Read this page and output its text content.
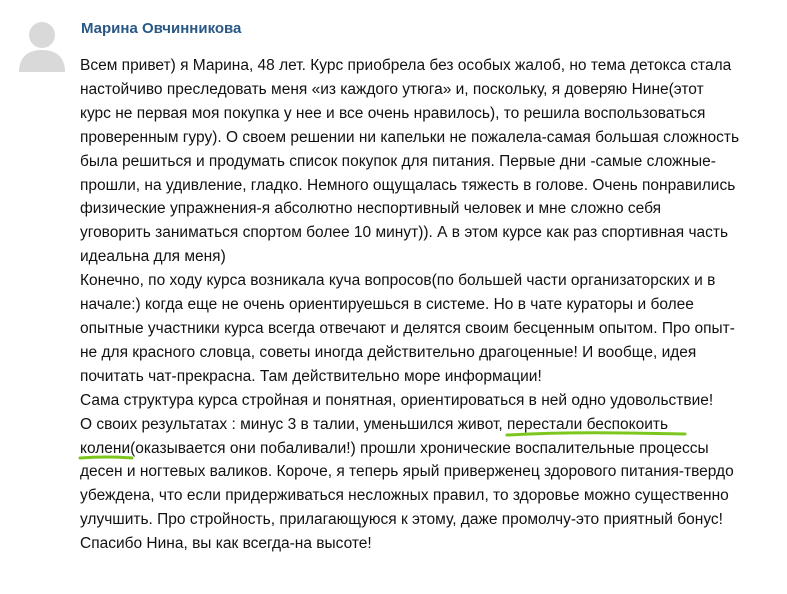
Марина Овчинникова
Всем привет) я Марина, 48 лет. Курс приобрела без особых жалоб, но тема детокса стала
настойчиво преследовать меня «из каждого утюга» и, поскольку, я доверяю Нине(этот
курс не первая моя покупка у нее и все очень нравилось), то решила воспользоваться
проверенным гуру). О своем решении ни капельки не пожалела-самая большая сложность
была решиться и продумать список покупок для питания. Первые дни -самые сложные-
прошли, на удивление, гладко. Немного ощущалась тяжесть в голове. Очень понравились
физические упражнения-я абсолютно неспортивный человек и мне сложно себя
уговорить заниматься спортом более 10 минут)). А в этом курсе как раз спортивная часть
идеальна для меня)
Конечно, по ходу курса возникала куча вопросов(по большей части организаторских и в
начале:) когда еще не очень ориентируешься в системе. Но в чате кураторы и более
опытные участники курса всегда отвечают и делятся своим бесценным опытом. Про опыт-
не для красного словца, советы иногда действительно драгоценные! И вообще, идея
почитать чат-прекрасна. Там действительно море информации!
Сама структура курса стройная и понятная, ориентироваться в ней одно удовольствие!
О своих результатах : минус 3 в талии, уменьшился живот, перестали беспокоить
колени
(оказывается они побаливали!) прошли хронические воспалительные процессы
десен и ногтевых валиков. Короче, я теперь ярый приверженец здорового питания-твердо
убеждена, что если придерживаться несложных правил, то здоровье можно существенно
улучшить. Про стройность, прилагающуюся к этому, даже промолчу-это приятный бонус!
Спасибо Нина, вы как всегда-на высоте!
